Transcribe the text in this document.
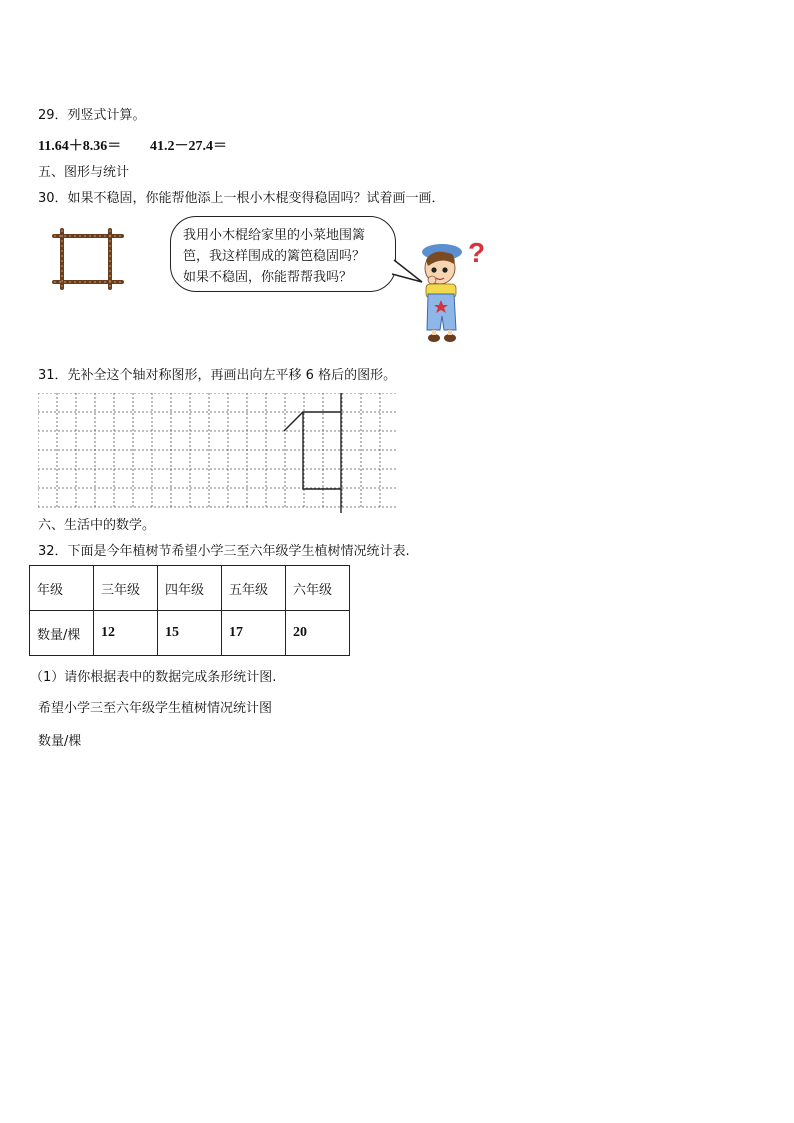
29．列竖式计算。
11.64＋8.36＝ 41.2－27.4＝
五、图形与统计
30．如果不稳固，你能帮他添上一根小木棍变得稳固吗？试着画一画．
我用小木棍给家里的小菜地围篱
笆，我这样围成的篱笆稳固吗？
如果不稳固，你能帮帮我吗？
?
31．先补全这个轴对称图形，再画出向左平移 6 格后的图形。
六、生活中的数学。
32．下面是今年植树节希望小学三至六年级学生植树情况统计表.
年级	三年级	四年级	五年级	六年级
数量/棵	12	15	17	20
（1）请你根据表中的数据完成条形统计图.
希望小学三至六年级学生植树情况统计图
数量/棵
